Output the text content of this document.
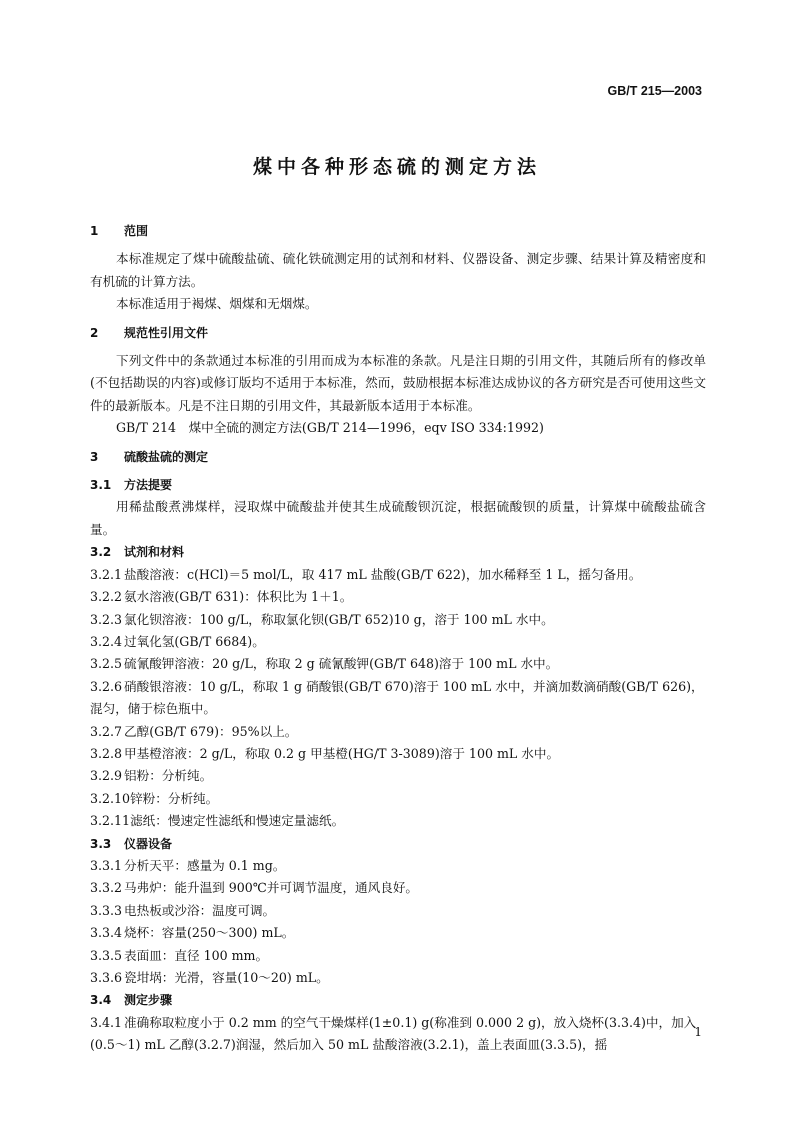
GB/T 215—2003
煤中各种形态硫的测定方法
1 范围
本标准规定了煤中硫酸盐硫、硫化铁硫测定用的试剂和材料、仪器设备、测定步骤、结果计算及精密度和有机硫的计算方法。
本标准适用于褐煤、烟煤和无烟煤。
2 规范性引用文件
下列文件中的条款通过本标准的引用而成为本标准的条款。凡是注日期的引用文件，其随后所有的修改单(不包括勘误的内容)或修订版均不适用于本标准，然而，鼓励根据本标准达成协议的各方研究是否可使用这些文件的最新版本。凡是不注日期的引用文件，其最新版本适用于本标准。
GB/T 214　煤中全硫的测定方法(GB/T 214—1996，eqv ISO 334:1992)
3 硫酸盐硫的测定
3.1 方法提要
用稀盐酸煮沸煤样，浸取煤中硫酸盐并使其生成硫酸钡沉淀，根据硫酸钡的质量，计算煤中硫酸盐硫含量。
3.2 试剂和材料
3.2.1 盐酸溶液：c(HCl)＝5 mol/L，取 417 mL 盐酸(GB/T 622)，加水稀释至 1 L，摇匀备用。
3.2.2 氨水溶液(GB/T 631)：体积比为 1＋1。
3.2.3 氯化钡溶液：100 g/L，称取氯化钡(GB/T 652)10 g，溶于 100 mL 水中。
3.2.4 过氧化氢(GB/T 6684)。
3.2.5 硫氰酸钾溶液：20 g/L，称取 2 g 硫氰酸钾(GB/T 648)溶于 100 mL 水中。
3.2.6 硝酸银溶液：10 g/L，称取 1 g 硝酸银(GB/T 670)溶于 100 mL 水中，并滴加数滴硝酸(GB/T 626)，混匀，储于棕色瓶中。
3.2.7 乙醇(GB/T 679)：95%以上。
3.2.8 甲基橙溶液：2 g/L，称取 0.2 g 甲基橙(HG/T 3-3089)溶于 100 mL 水中。
3.2.9 铝粉：分析纯。
3.2.10锌粉：分析纯。
3.2.11滤纸：慢速定性滤纸和慢速定量滤纸。
3.3 仪器设备
3.3.1 分析天平：感量为 0.1 mg。
3.3.2 马弗炉：能升温到 900℃并可调节温度，通风良好。
3.3.3 电热板或沙浴：温度可调。
3.3.4 烧杯：容量(250～300) mL。
3.3.5 表面皿：直径 100 mm。
3.3.6 瓷坩埚：光滑，容量(10～20) mL。
3.4 测定步骤
3.4.1 准确称取粒度小于 0.2 mm 的空气干燥煤样(1±0.1) g(称准到 0.000 2 g)，放入烧杯(3.3.4)中，加入(0.5～1) mL 乙醇(3.2.7)润湿，然后加入 50 mL 盐酸溶液(3.2.1)，盖上表面皿(3.3.5)，摇
1
